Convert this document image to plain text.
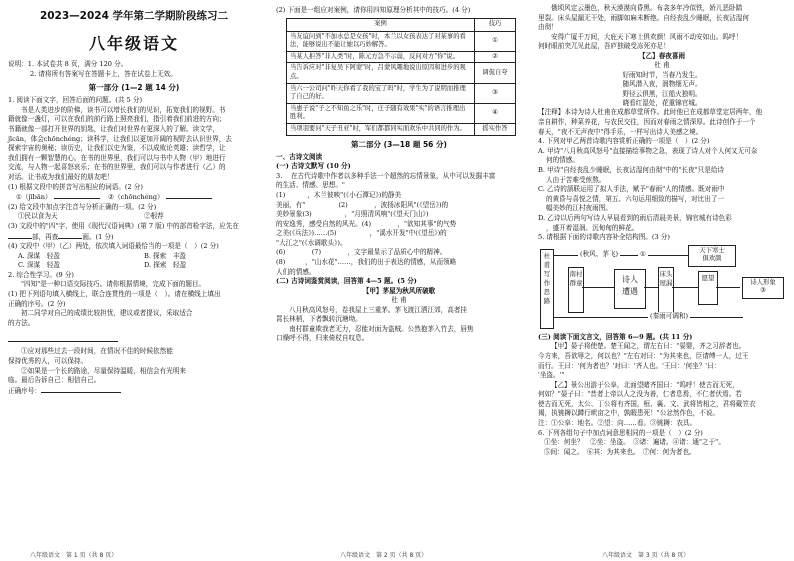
2023—2024 学年第二学期阶段练习二

八年级语文

说明：1. 本试卷共 8 页，满分 120 分。

2. 请将所有答案写在答题卡上，答在试卷上无效。

第一部分 (1—2 题 14 分)

1. 阅读下面文字，回答后面的问题。(共 5 分)

书是人类进步的阶梯，读书可以增长我们的见识，拓宽我们的视野。书

籍就像一盏灯，可以在我们的前行路上照亮我们，指引着我们前进的方向；

书籍就像一部打开世界的钥匙，让我们对世界有更深入的了解。读文学，

jīcān，体会chōnchéng；读科学，让我们以更加开阔的视野去认识世界，去

探索宇宙的奥秘；读历史，让我们以史为鉴，不以成败论英雄；读哲学，让

我们拥有一颗智慧的心。在书的世界里，我们可以与书中人物（甲）地进行

交流，与人物一起喜怒哀乐；在书的世界里，我们可以与作者进行（乙）的

对话。让书成为我们最好的朋友吧！

(1) 根据文段中的拼音写出相应的词语。(2 分)

①（jībān）	②（chōnchéng）

(2) 给文段中加点字注音与分析正确的一项。(2 分)

①民以食为天	②根荐

(3) 文段中的"四"字，使用《现代汉语词典》(第 7 版) 中的部首检字法，应先在部，再查	画。(1 分)

(4) 文段中（甲）（乙）两处，依次填入词语最恰当的一项是（　）(2 分)

A. 深谋　轻盈	B. 探索　丰盈
C. 深谋　轻盈	D. 探索　轻盈

2. 综合性学习。(9 分)

"四知"是一种口语交际技巧。请你根据情境，完成下面的题目。

(1) 把下列语句填入横线上，联合连贯性的一项是（　）。请在横线上填出

正确的序号。(2 分)

初二同学对自己的成绩比较担忧，建议或者提议，采取适合

的方法。

　　①应对那些过去一段时间，在情况不佳的时候依然能

保持优秀的人，可以保持。

　　②如果是一个长的路途，尽量保持温暖，相信会有光明来

临。最后告诉自己：相信自己。

正确序号：

八年级语文　第 1 页（共 8 页）

(2) 下面是一组应对案例，请你用四知原理分析其中的技巧。(4 分)

案例	技巧
当友谊问到"不加水总是女孩"时，本兰以女孩表达了对某事的看法，能够说出不能让她以巧妙解答。	①
当某人拒答"非人类"时，陈元方急不示弱，反问对方"你"说。	②
当告诉应对"非复吴下阿蒙"时，吕蒙风趣地说出原因和进步的观点。	调侃自夸
当六一公司问"昨天你看了我的宝了吗"时，学生为了说明而推理了自己的好。	③
当惠子说"子之不知鱼之乐"时，庄子随有效果"实"的语言推理出胜利。	④
当项羽要问"天子丑亚"时，军们都都同实面欢乐中共同的作为。	摇实作答

第二部分 (3—18 题 56 分)

一、古诗文阅读

(一) 古诗文默写 (10 分)

3. 　在古代诗歌中作者以多种手法一个超然的忘情景象，从中可以发掘丰富

的生活、情感、思想。"

(1) 　　　，木兰彼映"(《小石潭记》)的静美

美丽，有"　　　　　(2)　　　　，波扬冰阳风"(《望岳》)的

美妙景象(3)　　　　　，"月照清风响"(《望天门山》)

的安逸秀，感受自然的风光。(4)　　　　，"欲知其事"的气势

之美(《兵法》)……(5)　　　　　，"溪水开发"中(《望岳》)的

"大江之"(《水调歌头》)。

(6)　　　　(7)　　　　，文字最显示了品质心中的精神。

(8)　　　，"山水花"……，我们的出于表达的情感，从而领略

人们的情感。

(二) 古诗词鉴赏阅读，回答第 4—5 题。(5 分)

【甲】茅屋为秋风所破歌

杜 甫

八月秋高风怒号，卷我屋上三重茅。茅飞渡江洒江郊，高者挂

罥长林梢，下者飘转沉塘坳。

南村群童欺我老无力，忍能对面为盗贼。公然抱茅入竹去，唇焦

口燥呼不得，归来倚杖自叹息。

八年级语文　第 2 页（共 8 页）

俄顷风定云墨色，秋天漠漠向昏黑。布衾多年冷似铁，娇儿恶卧踏

里裂。床头屋漏无干处，雨脚如麻未断绝。自经丧乱少睡眠，长夜沾湿何

由彻！

安得广厦千万间，大庇天下寒士俱欢颜！风雨不动安如山。呜呼！

何时眼前突兀见此屋，吾庐独破受冻死亦足！

【乙】春夜喜雨

杜 甫

好雨知时节，当春乃发生。

随风潜入夜，润物细无声。

野径云俱黑，江船火独明。

晓看红湿处，花重锦官城。

【注释】本诗为诗人杜甫在成都草堂所作。此时他已在成都草堂定居两年，他

亲自耕作，种菜养花，与农民交往，因而对春雨之情深厚。此诗创作于一个

春天，"夜不无声夜中"得手乐，一样写出诗人美感之境。

4. 下列对甲乙两首诗歌内容赏析正确的一项是（　）(2 分)

A. 甲诗"八月秋高风怒号"直接描绘事物之急，表现了诗人对个人何又无可奈

何的情感。

B. 甲诗"自经丧乱少睡眠，长夜沾湿何由彻"中的"长夜"只是给诗

人由于苦难受煎熬。

C. 乙诗的颔联运用了拟人手法，赋予"春雨"人的情感。既对雨中

的黄昏与喜悦之情，第五、六句运用细致的描写，对比出了一

幅美妙的江村夜雨图。

D. 乙诗以后两句写诗人早晨看到的雨后清晨美景，锦官城有诗色彩

，盛开着湿润、沉甸甸的鲜花。

5. 请根据下面的诗歌内容补全结构图。(3 分)

杜甫写作思路
(秋风、茅飞)	①	天下寒士
俱欢颜
南村群童	诗人
遭遇
床头屋漏
愿望	诗人形象
③
(秦雨可调和)

(三) 阅读下面文言文，回答第 6—9 题。(共 11 分)

【甲】晏子将使楚。楚王闻之，谓左右曰："晏婴，齐之习辞者也。

今方来，吾欲辱之，何以也？"左右对曰："为其来也，臣请缚一人，过王

而行。王曰：'何为者也？'对曰：'齐人也。'王曰：'何坐？'曰：

'坐盗。'"

【乙】景公出游于公阜，北面望睹齐国曰："呜呼！使古而无死，

何如？"晏子曰："昔者上帝以人之没为善，仁者息焉，不仁者伏焉。若

使古而无死，太公、丁公将有齐国，桓、襄、文、武将皆相之，君将戴笠衣

褐，执铫耨以蹲行畎亩之中，孰暇患死！"公忿然作色，不说。

注：①公阜：地名。②望：向……看。③铫耨：农具。

6. 下列各组句子中加点词意思相同的一项是（　）(2 分)

①坐：何坐？　②坐：坐盗。　③诸：遍诸。④诸：通"之于"。

⑤间：闻之。　⑥其：为其来也。　⑦何：何为者也。

八年级语文　第 3 页（共 8 页）
